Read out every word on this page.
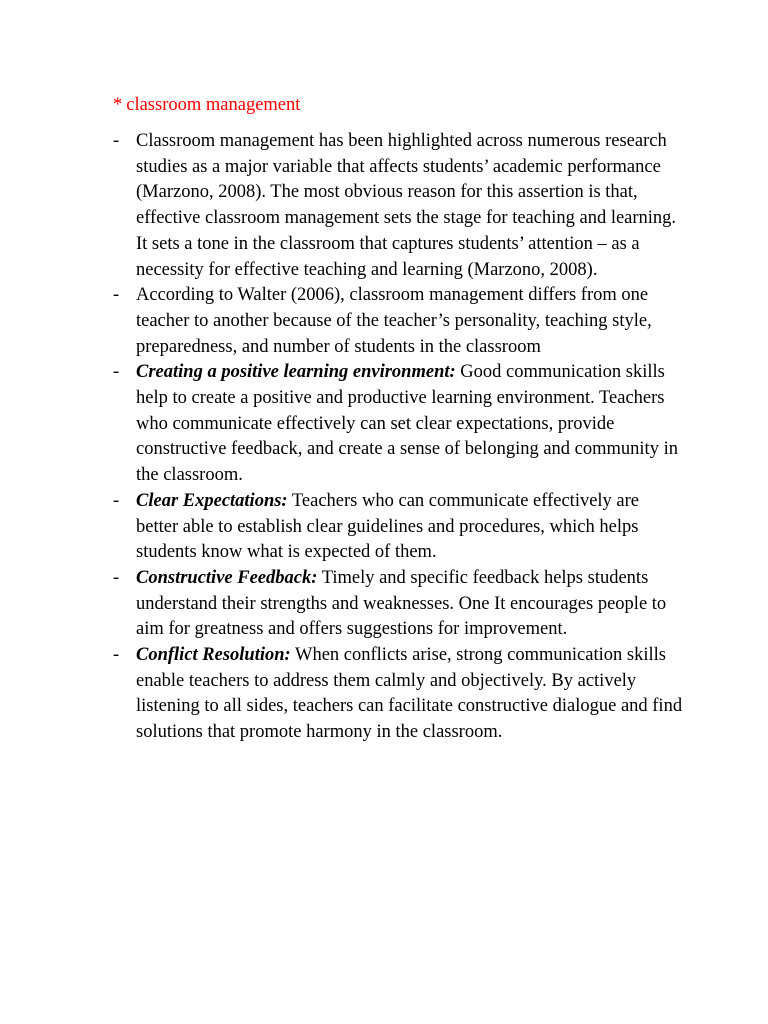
* classroom management
- Classroom management has been highlighted across numerous research studies as a major variable that affects students’ academic performance (Marzono, 2008). The most obvious reason for this assertion is that, effective classroom management sets the stage for teaching and learning. It sets a tone in the classroom that captures students’ attention – as a necessity for effective teaching and learning (Marzono, 2008).
- According to Walter (2006), classroom management differs from one teacher to another because of the teacher’s personality, teaching style, preparedness, and number of students in the classroom
- Creating a positive learning environment: Good communication skills help to create a positive and productive learning environment. Teachers who communicate effectively can set clear expectations, provide constructive feedback, and create a sense of belonging and community in the classroom.
- Clear Expectations: Teachers who can communicate effectively are better able to establish clear guidelines and procedures, which helps students know what is expected of them.
- Constructive Feedback: Timely and specific feedback helps students understand their strengths and weaknesses. One It encourages people to aim for greatness and offers suggestions for improvement.
- Conflict Resolution: When conflicts arise, strong communication skills enable teachers to address them calmly and objectively. By actively listening to all sides, teachers can facilitate constructive dialogue and find solutions that promote harmony in the classroom.
